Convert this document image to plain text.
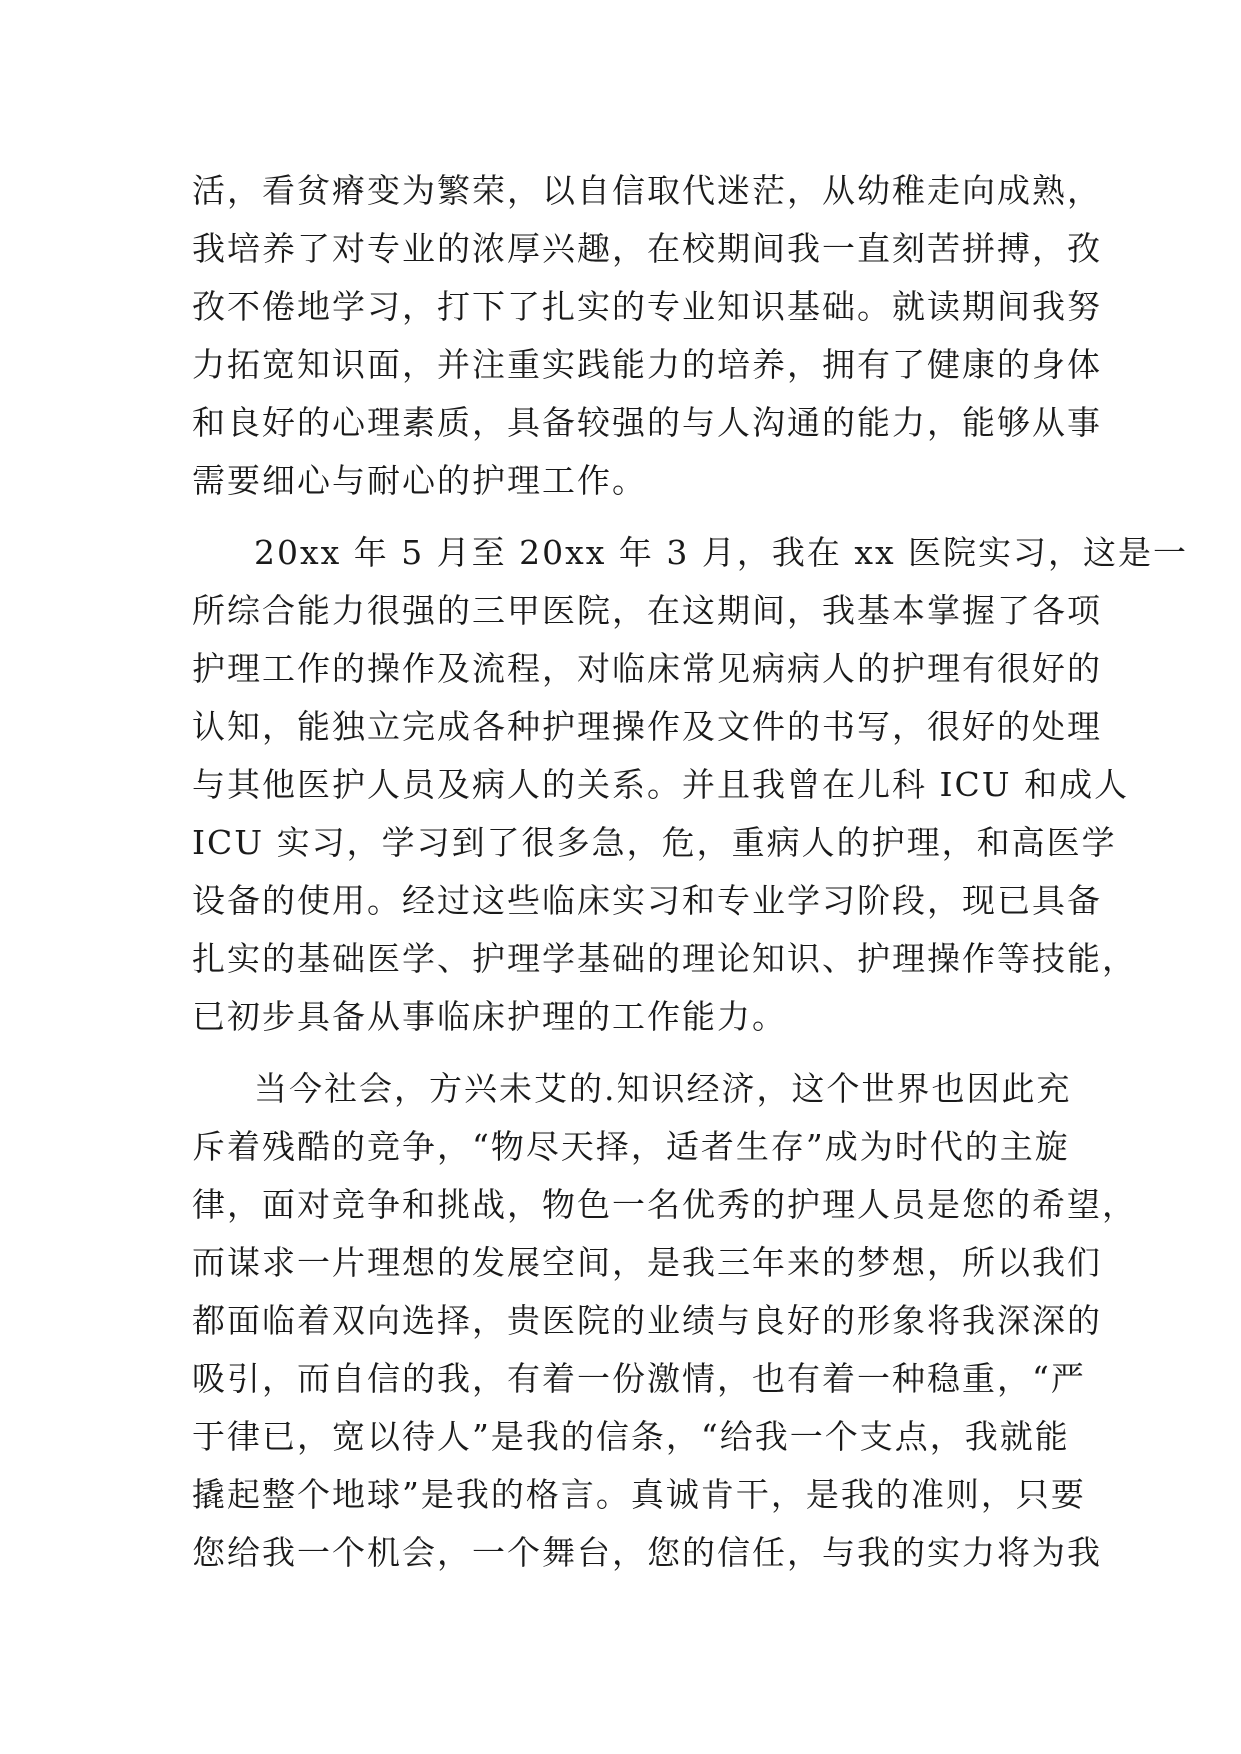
活，看贫瘠变为繁荣，以自信取代迷茫，从幼稚走向成熟，
我培养了对专业的浓厚兴趣，在校期间我一直刻苦拼搏，孜
孜不倦地学习，打下了扎实的专业知识基础。就读期间我努
力拓宽知识面，并注重实践能力的培养，拥有了健康的身体
和良好的心理素质，具备较强的与人沟通的能力，能够从事
需要细心与耐心的护理工作。
20xx 年 5 月至 20xx 年 3 月，我在 xx 医院实习，这是一
所综合能力很强的三甲医院，在这期间，我基本掌握了各项
护理工作的操作及流程，对临床常见病病人的护理有很好的
认知，能独立完成各种护理操作及文件的书写，很好的处理
与其他医护人员及病人的关系。并且我曾在儿科 ICU 和成人
ICU 实习，学习到了很多急，危，重病人的护理，和高医学
设备的使用。经过这些临床实习和专业学习阶段，现已具备
扎实的基础医学、护理学基础的理论知识、护理操作等技能，
已初步具备从事临床护理的工作能力。
当今社会，方兴未艾的.知识经济，这个世界也因此充
斥着残酷的竞争，“物尽天择，适者生存”成为时代的主旋
律，面对竞争和挑战，物色一名优秀的护理人员是您的希望，
而谋求一片理想的发展空间，是我三年来的梦想，所以我们
都面临着双向选择，贵医院的业绩与良好的形象将我深深的
吸引，而自信的我，有着一份激情，也有着一种稳重，“严
于律已，宽以待人”是我的信条，“给我一个支点，我就能
撬起整个地球”是我的格言。真诚肯干，是我的准则，只要
您给我一个机会，一个舞台，您的信任，与我的实力将为我
